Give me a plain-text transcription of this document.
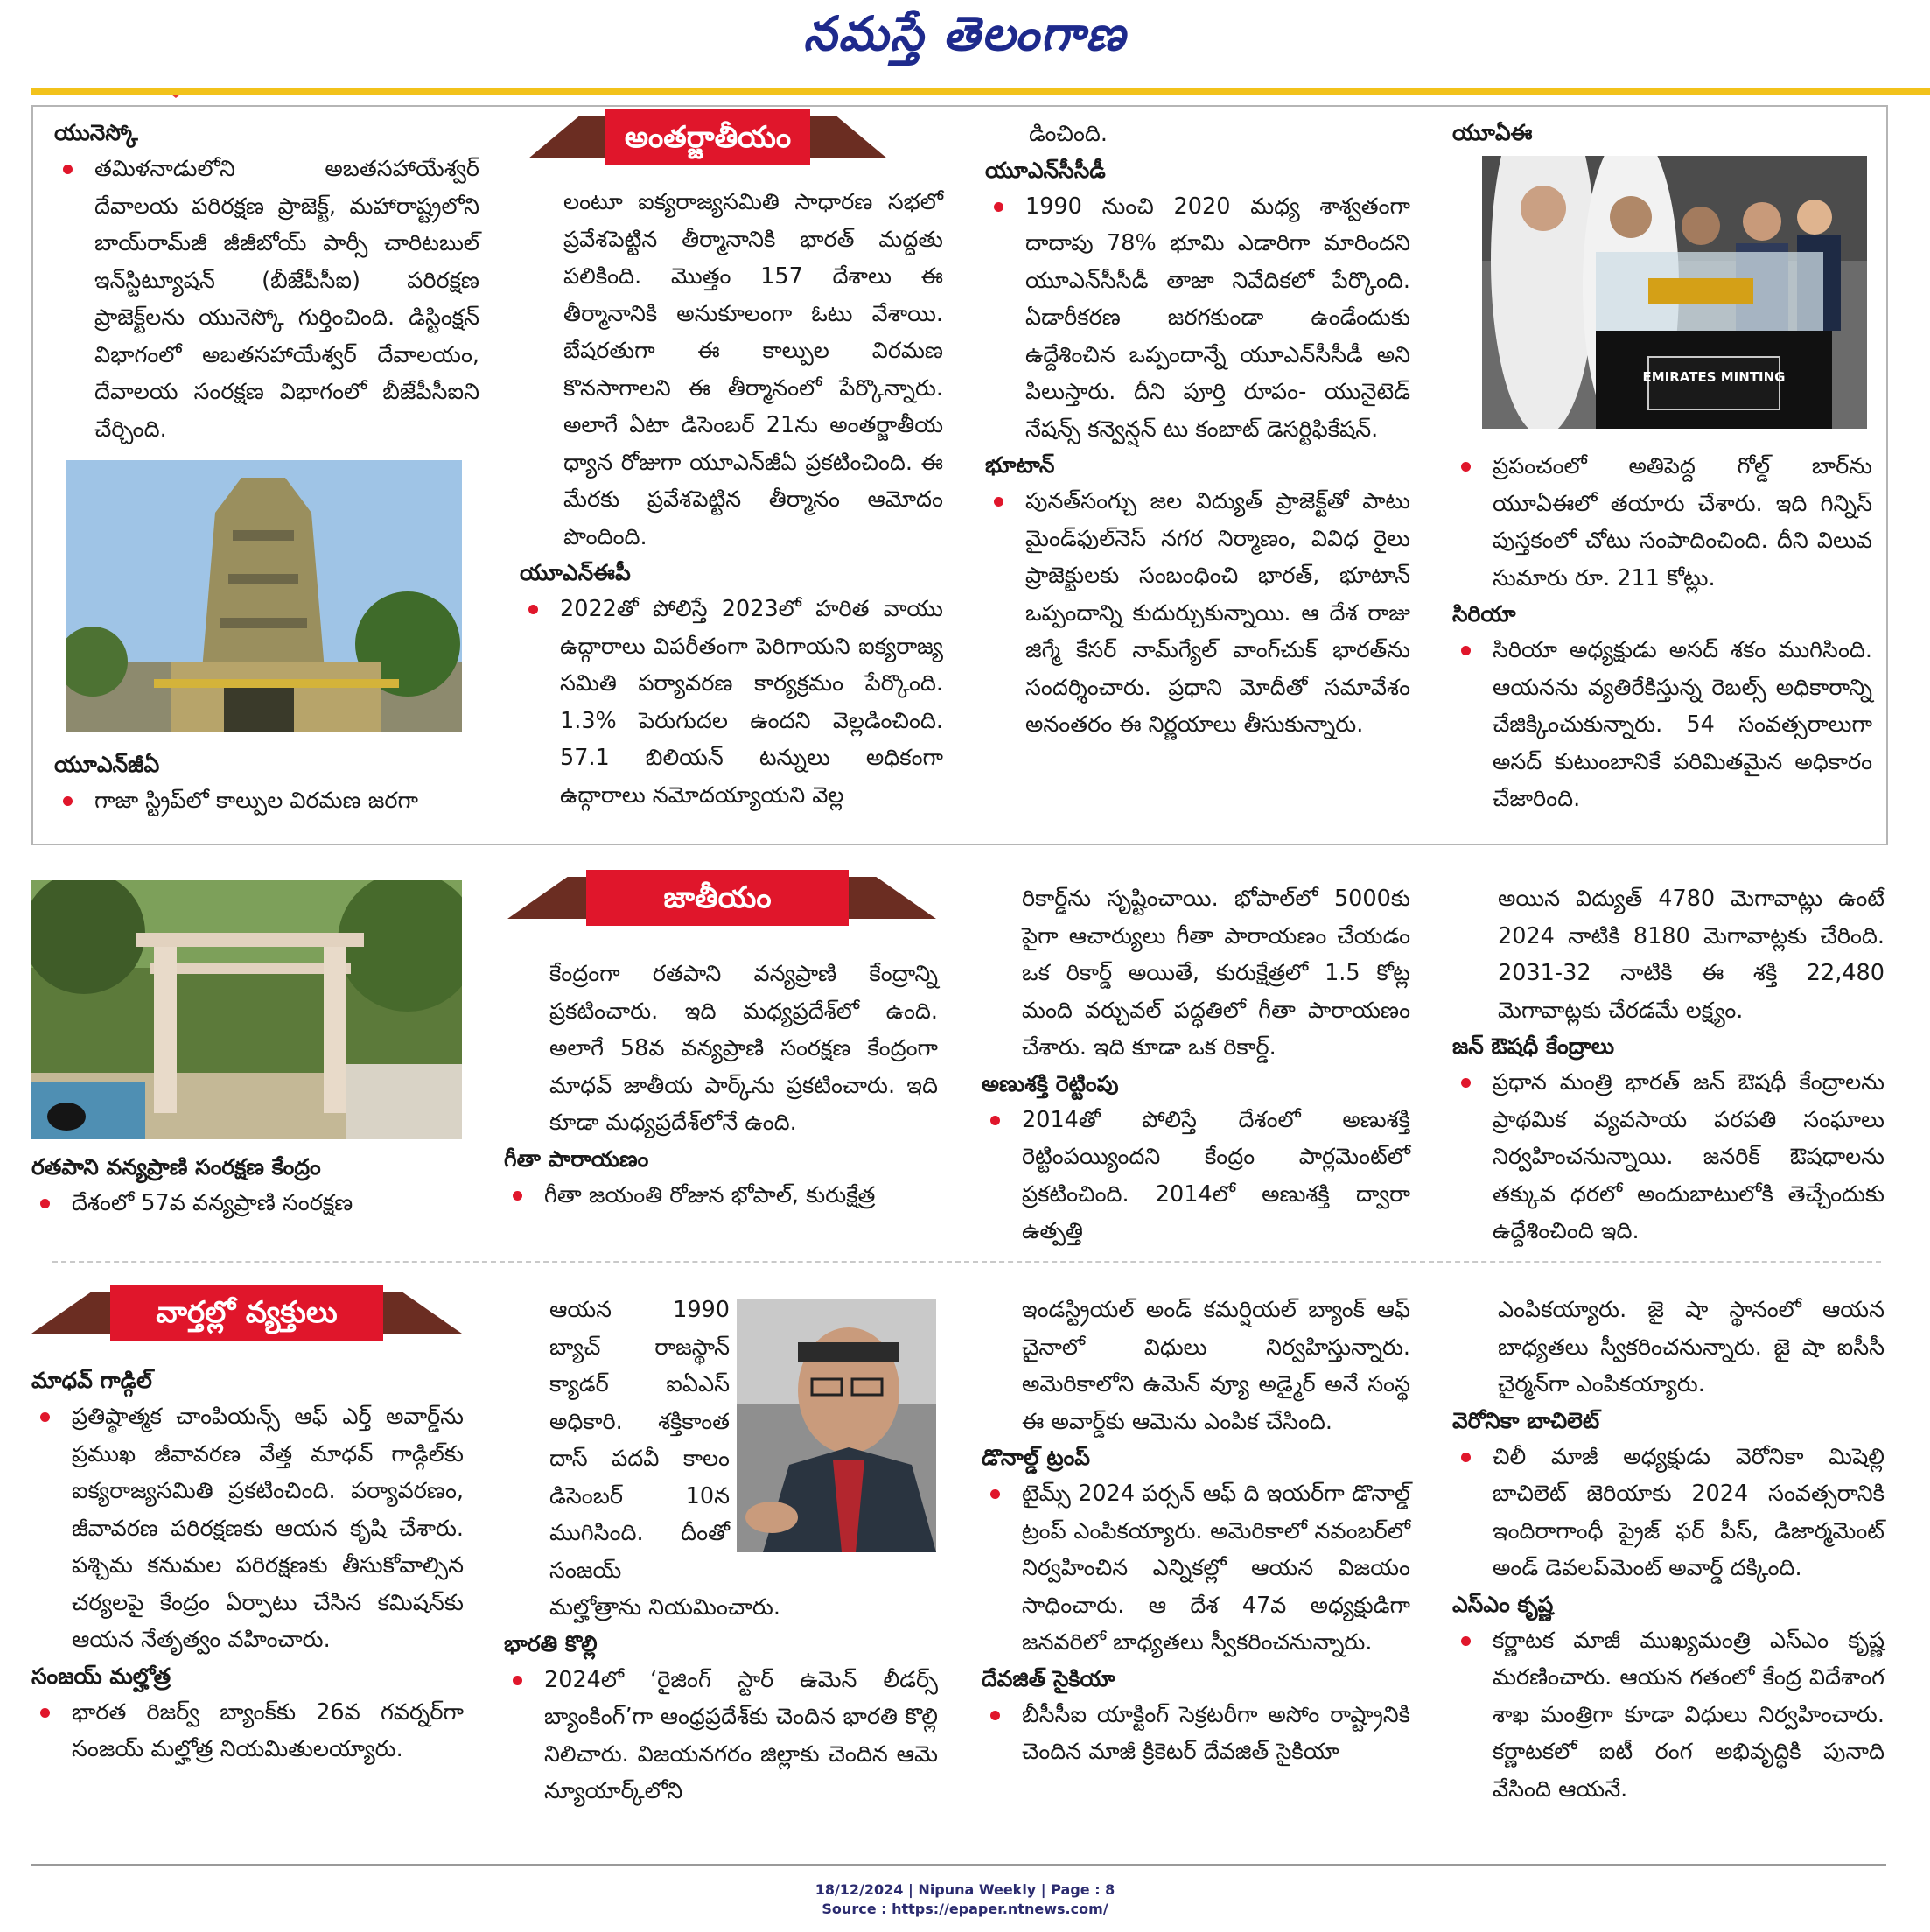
నమస్తే తెలంగాణ
అంతర్జాతీయం
యునెస్కో
తమిళనాడులోని అబతసహాయేశ్వర్ దేవాలయ పరిరక్షణ ప్రాజెక్ట్, మహారాష్ట్రలోని బాయ్‌రామ్‌జీ జీజీబోయ్ పార్సీ చారిటబుల్ ఇన్‌స్టిట్యూషన్ (బీజేపీసీఐ) పరిరక్షణ ప్రాజెక్ట్‌లను యునెస్కో గుర్తించింది. డిస్టింక్షన్ విభాగంలో అబతసహాయేశ్వర్ దేవాలయం, దేవాలయ సంరక్షణ విభాగంలో బీజేపీసీఐని చేర్చింది.
యూఎన్‌జీఏ
గాజా స్ట్రిప్‌లో కాల్పుల విరమణ జరగా
లంటూ ఐక్యరాజ్యసమితి సాధారణ సభలో ప్రవేశపెట్టిన తీర్మానానికి భారత్ మద్దతు పలికింది. మొత్తం 157 దేశాలు ఈ తీర్మానానికి అనుకూలంగా ఓటు వేశాయి. బేషరతుగా ఈ కాల్పుల విరమణ కొనసాగాలని ఈ తీర్మానంలో పేర్కొన్నారు. అలాగే ఏటా డిసెంబర్ 21ను అంతర్జాతీయ ధ్యాన రోజుగా యూఎన్‌జీఏ ప్రకటించింది. ఈ మేరకు ప్రవేశపెట్టిన తీర్మానం ఆమోదం పొందింది.
యూఎన్‌ఈపీ
2022తో పోలిస్తే 2023లో హరిత వాయు ఉద్గారాలు విపరీతంగా పెరిగాయని ఐక్యరాజ్య సమితి పర్యావరణ కార్యక్రమం పేర్కొంది. 1.3% పెరుగుదల ఉందని వెల్లడించింది. 57.1 బిలియన్ టన్నులు అధికంగా ఉద్గారాలు నమోదయ్యాయని వెల్ల
డించింది.
యూఎన్‌సీసీడీ
1990 నుంచి 2020 మధ్య శాశ్వతంగా దాదాపు 78% భూమి ఎడారిగా మారిందని యూఎన్‌సీసీడీ తాజా నివేదికలో పేర్కొంది. ఏడారీకరణ జరగకుండా ఉండేందుకు ఉద్దేశించిన ఒప్పందాన్నే యూఎన్‌సీసీడీ అని పిలుస్తారు. దీని పూర్తి రూపం- యునైటెడ్ నేషన్స్ కన్వెన్షన్ టు కంబాట్ డెసర్టిఫికేషన్.
భూటాన్
పునత్‌సంగ్చు జల విద్యుత్ ప్రాజెక్ట్‌తో పాటు మైండ్‌ఫుల్‌నెస్ నగర నిర్మాణం, వివిధ రైలు ప్రాజెక్టులకు సంబంధించి భారత్, భూటాన్ ఒప్పందాన్ని కుదుర్చుకున్నాయి. ఆ దేశ రాజు జిగ్మే కేసర్ నామ్‌గ్యేల్ వాంగ్‌చుక్ భారత్‌ను సందర్శించారు. ప్రధాని మోదీతో సమావేశం అనంతరం ఈ నిర్ణయాలు తీసుకున్నారు.
యూఏఈ
EMIRATES MINTING
ప్రపంచంలో అతిపెద్ద గోల్డ్ బార్‌ను యూఏఈలో తయారు చేశారు. ఇది గిన్నిస్ పుస్తకంలో చోటు సంపాదించింది. దీని విలువ సుమారు రూ. 211 కోట్లు.
సిరియా
సిరియా అధ్యక్షుడు అసద్ శకం ముగిసింది. ఆయనను వ్యతిరేకిస్తున్న రెబల్స్ అధికారాన్ని చేజిక్కించుకున్నారు. 54 సంవత్సరాలుగా అసద్ కుటుంబానికే పరిమితమైన అధికారం చేజారింది.
రతపాని వన్యప్రాణి సంరక్షణ కేంద్రం
దేశంలో 57వ వన్యప్రాణి సంరక్షణ
జాతీయం
కేంద్రంగా రతపాని వన్యప్రాణి కేంద్రాన్ని ప్రకటించారు. ఇది మధ్యప్రదేశ్‌లో ఉంది. అలాగే 58వ వన్యప్రాణి సంరక్షణ కేంద్రంగా మాధవ్ జాతీయ పార్క్‌ను ప్రకటించారు. ఇది కూడా మధ్యప్రదేశ్‌లోనే ఉంది.
గీతా పారాయణం
గీతా జయంతి రోజున భోపాల్, కురుక్షేత్ర
రికార్డ్‌ను సృష్టించాయి. భోపాల్‌లో 5000కు పైగా ఆచార్యులు గీతా పారాయణం చేయడం ఒక రికార్డ్ అయితే, కురుక్షేత్రలో 1.5 కోట్ల మంది వర్చువల్ పద్ధతిలో గీతా పారాయణం చేశారు. ఇది కూడా ఒక రికార్డ్.
అణుశక్తి రెట్టింపు
2014తో పోలిస్తే దేశంలో అణుశక్తి రెట్టింపయ్యిందని కేంద్రం పార్లమెంట్‌లో ప్రకటించింది. 2014లో అణుశక్తి ద్వారా ఉత్పత్తి
అయిన విద్యుత్ 4780 మెగావాట్లు ఉంటే 2024 నాటికి 8180 మెగావాట్లకు చేరింది. 2031-32 నాటికి ఈ శక్తి 22,480 మెగావాట్లకు చేరడమే లక్ష్యం.
జన్ ఔషధీ కేంద్రాలు
ప్రధాన మంత్రి భారత్ జన్ ఔషధీ కేంద్రాలను ప్రాథమిక వ్యవసాయ పరపతి సంఘాలు నిర్వహించనున్నాయి. జనరిక్ ఔషధాలను తక్కువ ధరలో అందుబాటులోకి తెచ్చేందుకు ఉద్దేశించింది ఇది.
వార్తల్లో వ్యక్తులు
మాధవ్ గాడ్గిల్
ప్రతిష్ఠాత్మక చాంపియన్స్ ఆఫ్ ఎర్త్ అవార్డ్‌ను ప్రముఖ జీవావరణ వేత్త మాధవ్ గాడ్గిల్‌కు ఐక్యరాజ్యసమితి ప్రకటించింది. పర్యావరణం, జీవావరణ పరిరక్షణకు ఆయన కృషి చేశారు. పశ్చిమ కనుమల పరిరక్షణకు తీసుకోవాల్సిన చర్యలపై కేంద్రం ఏర్పాటు చేసిన కమిషన్‌కు ఆయన నేతృత్వం వహించారు.
సంజయ్ మల్హోత్ర
భారత రిజర్వ్ బ్యాంక్‌కు 26వ గవర్నర్‌గా సంజయ్ మల్హోత్ర నియమితులయ్యారు.
ఆయన 1990 బ్యాచ్ రాజస్థాన్ క్యాడర్ ఐఏఎస్ అధికారి. శక్తికాంత దాస్ పదవీ కాలం డిసెంబర్ 10న ముగిసింది. దీంతో సంజయ్
మల్హోత్రాను నియమించారు.
భారతి కొల్లి
2024లో ‘రైజింగ్ స్టార్ ఉమెన్ లీడర్స్ బ్యాంకింగ్’గా ఆంధ్రప్రదేశ్‌కు చెందిన భారతి కొల్లి నిలిచారు. విజయనగరం జిల్లాకు చెందిన ఆమె న్యూయార్క్‌లోని
ఇండస్ట్రియల్ అండ్ కమర్షియల్ బ్యాంక్ ఆఫ్ చైనాలో విధులు నిర్వహిస్తున్నారు. అమెరికాలోని ఉమెన్ వ్యూ అడ్మైర్ అనే సంస్థ ఈ అవార్డ్‌కు ఆమెను ఎంపిక చేసింది.
డొనాల్డ్ ట్రంప్
టైమ్స్ 2024 పర్సన్ ఆఫ్ ది ఇయర్‌గా డొనాల్డ్ ట్రంప్ ఎంపికయ్యారు. అమెరికాలో నవంబర్‌లో నిర్వహించిన ఎన్నికల్లో ఆయన విజయం సాధించారు. ఆ దేశ 47వ అధ్యక్షుడిగా జనవరిలో బాధ్యతలు స్వీకరించనున్నారు.
దేవజిత్ సైకియా
బీసీసీఐ యాక్టింగ్ సెక్రటరీగా అసోం రాష్ట్రానికి చెందిన మాజీ క్రికెటర్ దేవజిత్ సైకియా
ఎంపికయ్యారు. జై షా స్థానంలో ఆయన బాధ్యతలు స్వీకరించనున్నారు. జై షా ఐసీసీ చైర్మన్‌గా ఎంపికయ్యారు.
వెరోనికా బాచిలెట్
చిలీ మాజీ అధ్యక్షుడు వెరోనికా మిషెల్లి బాచిలెట్ జెరియాకు 2024 సంవత్సరానికి ఇందిరాగాంధీ ప్రైజ్ ఫర్ పీస్, డిజార్మమెంట్ అండ్ డెవలప్‌మెంట్ అవార్డ్ దక్కింది.
ఎస్ఎం కృష్ణ
కర్ణాటక మాజీ ముఖ్యమంత్రి ఎస్ఎం కృష్ణ మరణించారు. ఆయన గతంలో కేంద్ర విదేశాంగ శాఖ మంత్రిగా కూడా విధులు నిర్వహించారు. కర్ణాటకలో ఐటీ రంగ అభివృద్ధికి పునాది వేసింది ఆయనే.
18/12/2024 | Nipuna Weekly | Page : 8
Source : https://epaper.ntnews.com/
